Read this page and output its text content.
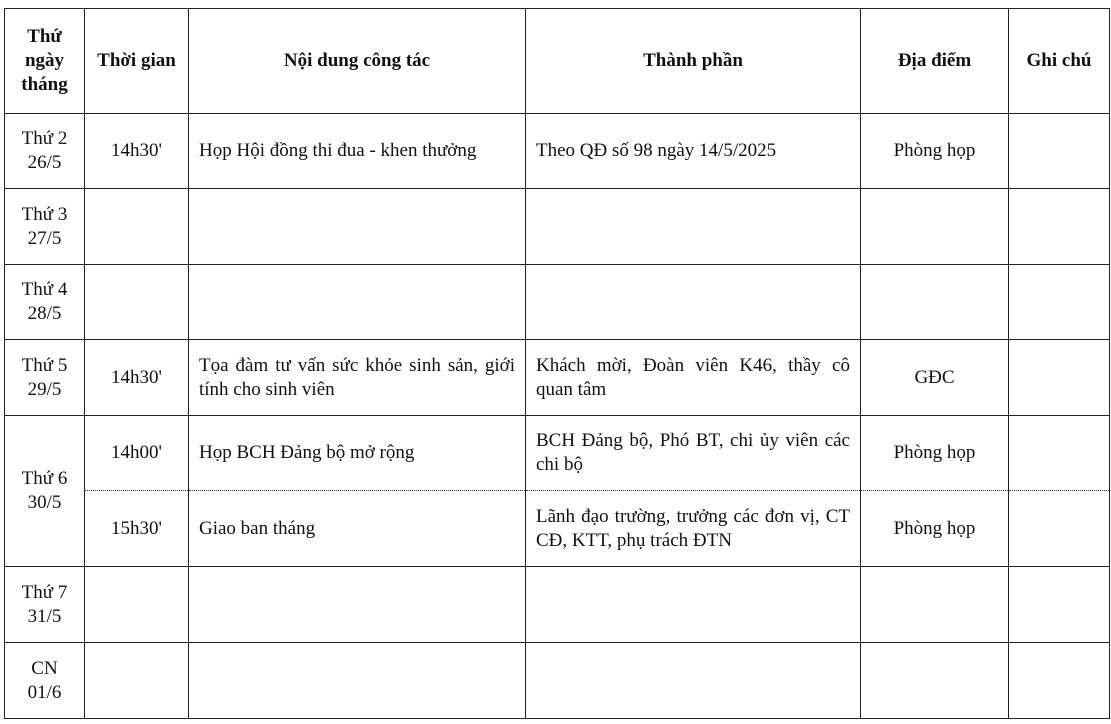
Thứ
ngày
tháng	Thời gian	Nội dung công tác	Thành phần	Địa điểm	Ghi chú

Thứ 2
26/5	14h30'	Họp Hội đồng thi đua - khen thưởng	Theo QĐ số 98 ngày 14/5/2025	Phòng họp	

Thứ 3
27/5					

Thứ 4
28/5					

Thứ 5
29/5	14h30'	Tọa đàm tư vấn sức khỏe sinh sản, giới tính cho sinh viên	Khách mời, Đoàn viên K46, thầy cô quan tâm	GĐC	

Thứ 6
30/5	14h00'	Họp BCH Đảng bộ mở rộng	BCH Đảng bộ, Phó BT, chi ủy viên các chi bộ	Phòng họp	
	15h30'	Giao ban tháng	Lãnh đạo trường, trưởng các đơn vị, CT CĐ, KTT, phụ trách ĐTN	Phòng họp	

Thứ 7
31/5					

CN
01/6					
